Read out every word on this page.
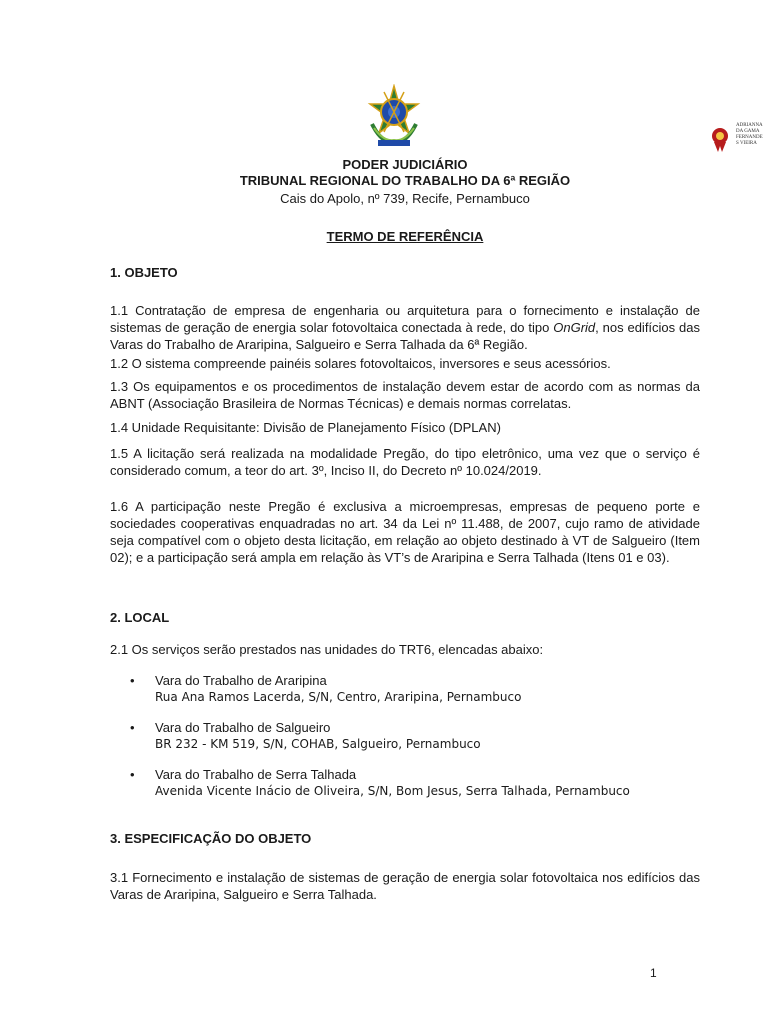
ADRIANNA
DA GAMA
FERNANDE
S VIEIRA
PODER JUDICIÁRIO
TRIBUNAL REGIONAL DO TRABALHO DA 6ª REGIÃO
Cais do Apolo, nº 739, Recife, Pernambuco
TERMO DE REFERÊNCIA
1. OBJETO
1.1 Contratação de empresa de engenharia ou arquitetura para o fornecimento e instalação de sistemas de geração de energia solar fotovoltaica conectada à rede, do tipo OnGrid, nos edifícios das Varas do Trabalho de Araripina, Salgueiro e Serra Talhada da 6ª Região.
1.2 O sistema compreende painéis solares fotovoltaicos, inversores e seus acessórios.
1.3 Os equipamentos e os procedimentos de instalação devem estar de acordo com as normas da ABNT (Associação Brasileira de Normas Técnicas) e demais normas correlatas.
1.4 Unidade Requisitante: Divisão de Planejamento Físico (DPLAN)
1.5 A licitação será realizada na modalidade Pregão, do tipo eletrônico, uma vez que o serviço é considerado comum, a teor do art. 3º, Inciso II, do Decreto nº 10.024/2019.
1.6 A participação neste Pregão é exclusiva a microempresas, empresas de pequeno porte e sociedades cooperativas enquadradas no art. 34 da Lei nº 11.488, de 2007, cujo ramo de atividade seja compatível com o objeto desta licitação, em relação ao objeto destinado à VT de Salgueiro (Item 02); e a participação será ampla em relação às VT’s de Araripina e Serra Talhada (Itens 01 e 03).
2. LOCAL
2.1 Os serviços serão prestados nas unidades do TRT6, elencadas abaixo:
• Vara do Trabalho de Araripina
Rua Ana Ramos Lacerda, S/N, Centro, Araripina, Pernambuco
• Vara do Trabalho de Salgueiro
BR 232 - KM 519, S/N, COHAB, Salgueiro, Pernambuco
• Vara do Trabalho de Serra Talhada
Avenida Vicente Inácio de Oliveira, S/N, Bom Jesus, Serra Talhada, Pernambuco
3. ESPECIFICAÇÃO DO OBJETO
3.1 Fornecimento e instalação de sistemas de geração de energia solar fotovoltaica nos edifícios das Varas de Araripina, Salgueiro e Serra Talhada.
1
